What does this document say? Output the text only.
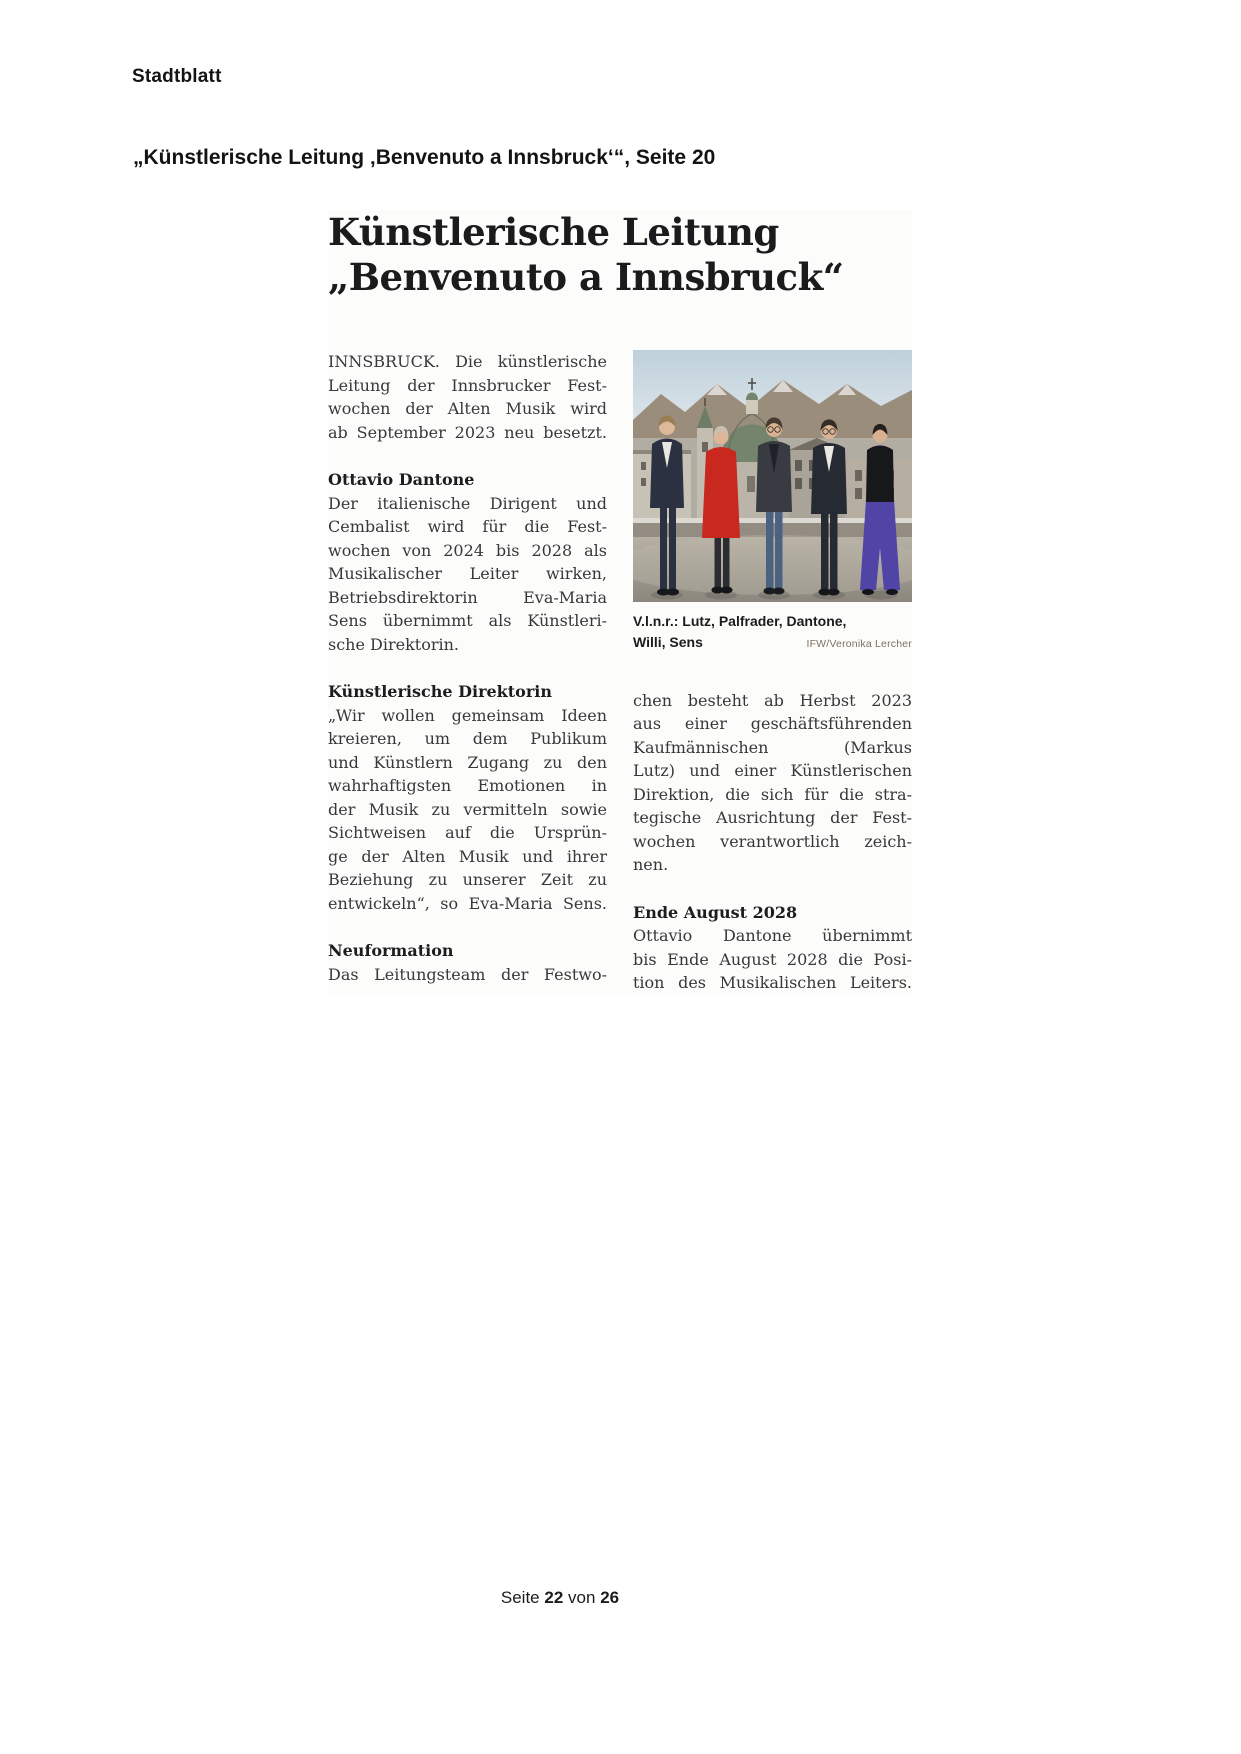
Stadtblatt
„Künstlerische Leitung ‚Benvenuto a Innsbruck‘“, Seite 20
Künstlerische Leitung
„Benvenuto a Innsbruck“
INNSBRUCK. Die künstlerische
Leitung der Innsbrucker Fest-
wochen der Alten Musik wird
ab September 2023 neu besetzt.
Ottavio Dantone
Der italienische Dirigent und
Cembalist wird für die Fest-
wochen von 2024 bis 2028 als
Musikalischer Leiter wirken,
Betriebsdirektorin Eva-Maria
Sens übernimmt als Künstleri-
sche Direktorin.
Künstlerische Direktorin
„Wir wollen gemeinsam Ideen
kreieren, um dem Publikum
und Künstlern Zugang zu den
wahrhaftigsten Emotionen in
der Musik zu vermitteln sowie
Sichtweisen auf die Ursprün-
ge der Alten Musik und ihrer
Beziehung zu unserer Zeit zu
entwickeln“, so Eva-Maria Sens.
Neuformation
Das Leitungsteam der Festwo-
V.l.n.r.: Lutz, Palfrader, Dantone,
Willi, Sens	IFW/Veronika Lercher
chen besteht ab Herbst 2023
aus einer geschäftsführenden
Kaufmännischen (Markus
Lutz) und einer Künstlerischen
Direktion, die sich für die stra-
tegische Ausrichtung der Fest-
wochen verantwortlich zeich-
nen.
Ende August 2028
Ottavio Dantone übernimmt
bis Ende August 2028 die Posi-
tion des Musikalischen Leiters.
Seite 22 von 26
